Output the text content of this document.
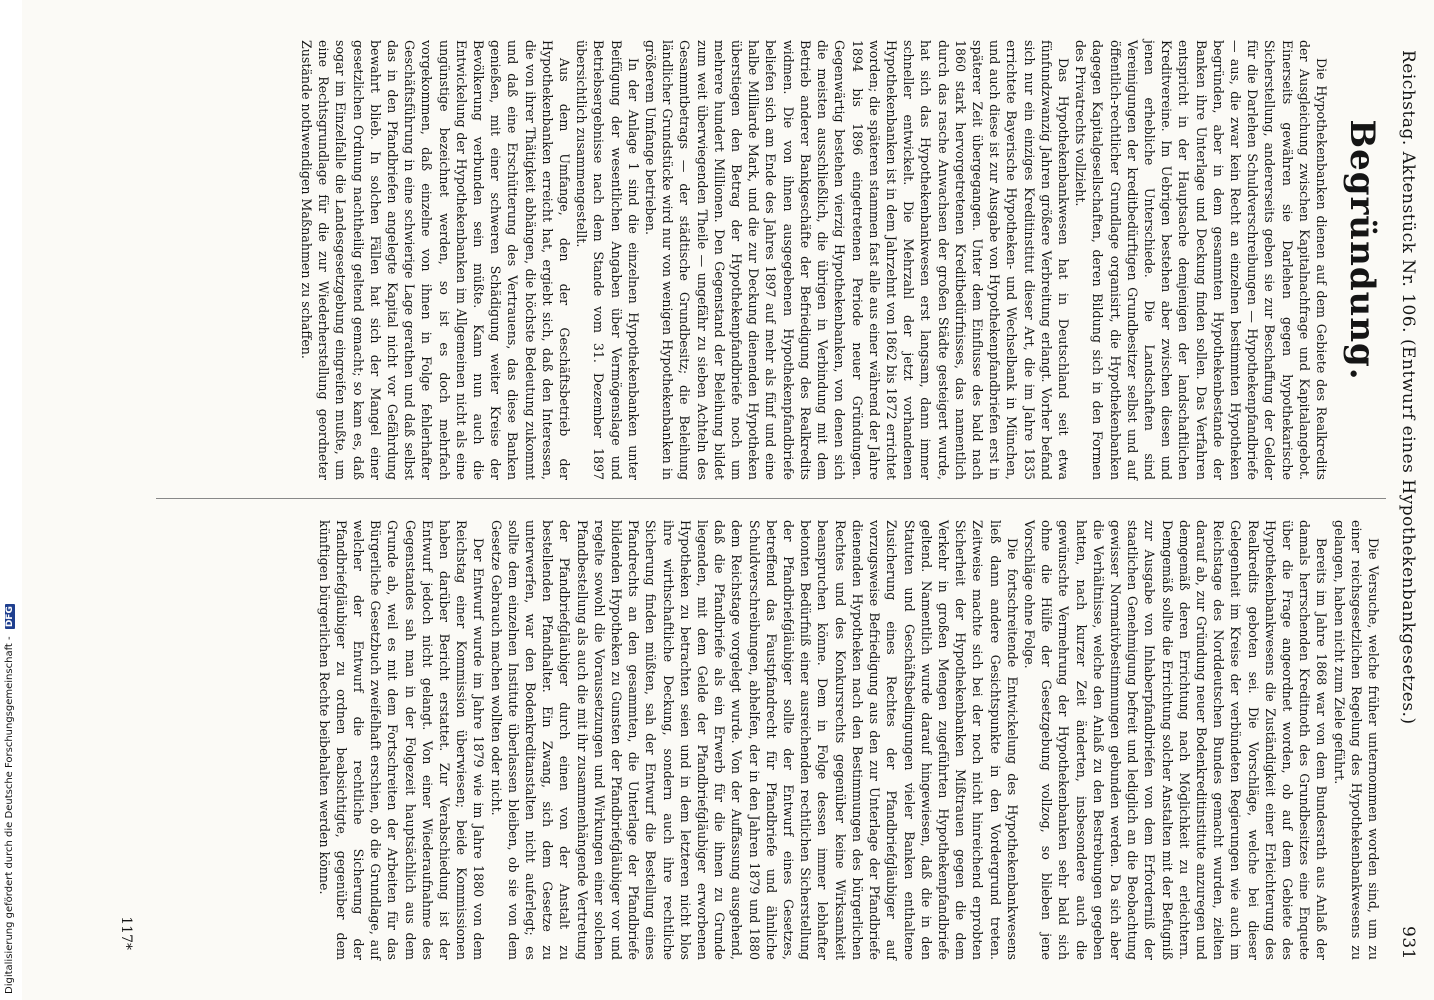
Digitalisierung gefördert durch die Deutsche Forschungsgemeinschaft - DFG	Reichstag. Aktenstück Nr. 106. (Entwurf eines Hypothekenbankgesetzes.)
931
Begründung.

Die Hypothekenbanken dienen auf dem Gebiete des Realkredits der Ausgleichung zwischen Kapitalnachfrage und Kapitalangebot. Einerseits gewähren sie Darlehen gegen hypothekarische Sicherstellung, andererseits geben sie zur Beschaffung der Gelder für die Darlehen Schuldverschreibungen — Hypothekenpfandbriefe — aus, die zwar kein Recht an einzelnen bestimmten Hypotheken begründen, aber in dem gesammten Hypothekenbestande der Banken ihre Unterlage und Deckung finden sollen. Das Verfahren entspricht in der Hauptsache demjenigen der landschaftlichen Kreditvereine. Im Uebrigen bestehen aber zwischen diesen und jenen erhebliche Unterschiede. Die Landschaften sind Vereinigungen der kreditbedürftigen Grundbesitzer selbst und auf öffentlich-rechtlicher Grundlage organisirt, die Hypothekenbanken dagegen Kapitalgesellschaften, deren Bildung sich in den Formen des Privatrechts vollzieht.

Das Hypothekenbankwesen hat in Deutschland seit etwa fünfundzwanzig Jahren größere Verbreitung erlangt. Vorher befand sich nur ein einziges Kreditinstitut dieser Art, die im Jahre 1835 errichtete Bayerische Hypotheken- und Wechselbank in München, und auch diese ist zur Ausgabe von Hypothekenpfandbriefen erst in späterer Zeit übergegangen. Unter dem Einflusse des bald nach 1860 stark hervorgetretenen Kreditbedürfnisses, das namentlich durch das rasche Anwachsen der großen Städte gesteigert wurde, hat sich das Hypothekenbankwesen erst langsam, dann immer schneller entwickelt. Die Mehrzahl der jetzt vorhandenen Hypothekenbanken ist in dem Jahrzehnt von 1862 bis 1872 errichtet worden; die späteren stammen fast alle aus einer während der Jahre 1894 bis 1896 eingetretenen Periode neuer Gründungen. Gegenwärtig bestehen vierzig Hypothekenbanken, von denen sich die meisten ausschließlich, die übrigen in Verbindung mit dem Betrieb anderer Bankgeschäfte der Befriedigung des Realkredits widmen. Die von ihnen ausgegebenen Hypothekenpfandbriefe beliefen sich am Ende des Jahres 1897 auf mehr als fünf und eine halbe Milliarde Mark, und die zur Deckung dienenden Hypotheken überstiegen den Betrag der Hypothekenpfandbriefe noch um mehrere hundert Millionen. Den Gegenstand der Beleihung bildet zum weit überwiegenden Theile — ungefähr zu sieben Achteln des Gesammtbetrags — der städtische Grundbesitz; die Beleihung ländlicher Grundstücke wird nur von wenigen Hypothekenbanken in größerem Umfange betrieben.

In der Anlage 1 sind die einzelnen Hypothekenbanken unter Beifügung der wesentlichen Angaben über Vermögenslage und Betriebsergebnisse nach dem Stande vom 31. Dezember 1897 übersichtlich zusammengestellt.

Aus dem Umfange, den der Geschäftsbetrieb der Hypothekenbanken erreicht hat, ergiebt sich, daß den Interessen, die von ihrer Thätigkeit abhängen, die höchste Bedeutung zukommt und daß eine Erschütterung des Vertrauens, das diese Banken genießen, mit einer schweren Schädigung weiter Kreise der Bevölkerung verbunden sein müßte. Kann nun auch die Entwickelung der Hypothekenbanken im Allgemeinen nicht als eine ungünstige bezeichnet werden, so ist es doch mehrfach vorgekommen, daß einzelne von ihnen in Folge fehlerhafter Geschäftsführung in eine schwierige Lage gerathen und daß selbst das in den Pfandbriefen angelegte Kapital nicht vor Gefährdung bewahrt blieb. In solchen Fällen hat sich der Mangel einer gesetzlichen Ordnung nachtheilig geltend gemacht; so kam es, daß sogar im Einzelfalle die Landesgesetzgebung eingreifen mußte, um eine Rechtsgrundlage für die zur Wiederherstellung geordneter Zustände nothwendigen Maßnahmen zu schaffen.

Die Versuche, welche früher unternommen worden sind, um zu einer reichsgesetzlichen Regelung des Hypothekenbankwesens zu gelangen, haben nicht zum Ziele geführt.

Bereits im Jahre 1868 war von dem Bundesrath aus Anlaß der damals herrschenden Kreditnoth des Grundbesitzes eine Enquete über die Frage angeordnet worden, ob auf dem Gebiete des Hypothekenbankwesens die Zuständigkeit einer Erleichterung des Realkredits geboten sei. Die Vorschläge, welche bei dieser Gelegenheit im Kreise der verbündeten Regierungen wie auch im Reichstage des Norddeutschen Bundes gemacht wurden, zielten darauf ab, zur Gründung neuer Bodenkreditinstitute anzuregen und demgemäß deren Errichtung nach Möglichkeit zu erleichtern. Demgemäß sollte die Errichtung solcher Anstalten mit der Befugniß zur Ausgabe von Inhaberpfandbriefen von dem Erforderniß der staatlichen Genehmigung befreit und lediglich an die Beobachtung gewisser Normativbestimmungen gebunden werden. Da sich aber die Verhältnisse, welche den Anlaß zu den Bestrebungen gegeben hatten, nach kurzer Zeit änderten, insbesondere auch die gewünschte Vermehrung der Hypothekenbanken sehr bald sich ohne die Hülfe der Gesetzgebung vollzog, so blieben jene Vorschläge ohne Folge.

Die fortschreitende Entwickelung des Hypothekenbankwesens ließ dann andere Gesichtspunkte in den Vordergrund treten. Zeitweise machte sich bei der noch nicht hinreichend erprobten Sicherheit der Hypothekenbanken Mißtrauen gegen die dem Verkehr in großen Mengen zugeführten Hypothekenpfandbriefe geltend. Namentlich wurde darauf hingewiesen, daß die in den Statuten und Geschäftsbedingungen vieler Banken enthaltene Zusicherung eines Rechtes der Pfandbriefgläubiger auf vorzugsweise Befriedigung aus den zur Unterlage der Pfandbriefe dienenden Hypotheken nach den Bestimmungen des bürgerlichen Rechtes und des Konkursrechts gegenüber keine Wirksamkeit beanspruchen könne. Dem in Folge dessen immer lebhafter betonten Bedürfniß einer ausreichenden rechtlichen Sicherstellung der Pfandbriefgläubiger sollte der Entwurf eines Gesetzes, betreffend das Faustpfandrecht für Pfandbriefe und ähnliche Schuldverschreibungen, abhelfen, der in den Jahren 1879 und 1880 dem Reichstage vorgelegt wurde. Von der Auffassung ausgehend, daß die Pfandbriefe als ein Erwerb für die ihnen zu Grunde liegenden, mit dem Gelde der Pfandbriefgläubiger erworbenen Hypotheken zu betrachten seien und in dem letzteren nicht blos ihre wirthschaftliche Deckung, sondern auch ihre rechtliche Sicherung finden müßten, sah der Entwurf die Bestellung eines Pfandrechts an den gesammten, die Unterlage der Pfandbriefe bildenden Hypotheken zu Gunsten der Pfandbriefgläubiger vor und regelte sowohl die Voraussetzungen und Wirkungen einer solchen Pfandbestellung als auch die mit ihr zusammenhängende Vertretung der Pfandbriefgläubiger durch einen von der Anstalt zu bestellenden Pfandhalter. Ein Zwang, sich dem Gesetze zu unterwerfen, war den Bodenkreditanstalten nicht auferlegt; es sollte dem einzelnen Institute überlassen bleiben, ob sie von dem Gesetze Gebrauch machen wollten oder nicht.

Der Entwurf wurde im Jahre 1879 wie im Jahre 1880 von dem Reichstag einer Kommission überwiesen; beide Kommissionen haben darüber Bericht erstattet. Zur Verabschiedung ist der Entwurf jedoch nicht gelangt. Von einer Wiederaufnahme des Gegenstandes sah man in der Folgezeit hauptsächlich aus dem Grunde ab, weil es mit dem Fortschreiten der Arbeiten für das Bürgerliche Gesetzbuch zweifelhaft erschien, ob die Grundlage, auf welcher der Entwurf die rechtliche Sicherung der Pfandbriefgläubiger zu ordnen beabsichtigte, gegenüber dem künftigen bürgerlichen Rechte beibehalten werden könne.

117*
